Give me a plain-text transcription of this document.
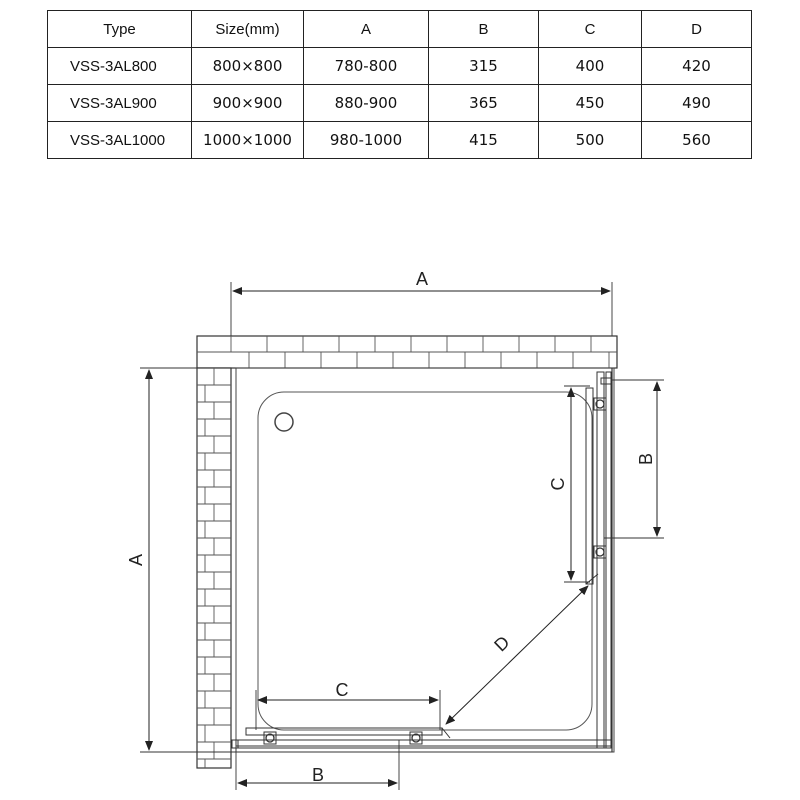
Type	Size(mm)	A	B	C	D
VSS-3AL800	800×800	780-800	315	400	420
VSS-3AL900	900×900	880-900	365	450	490
VSS-3AL1000	1000×1000	980-1000	415	500	560
A
A
B
C
C
B
D
